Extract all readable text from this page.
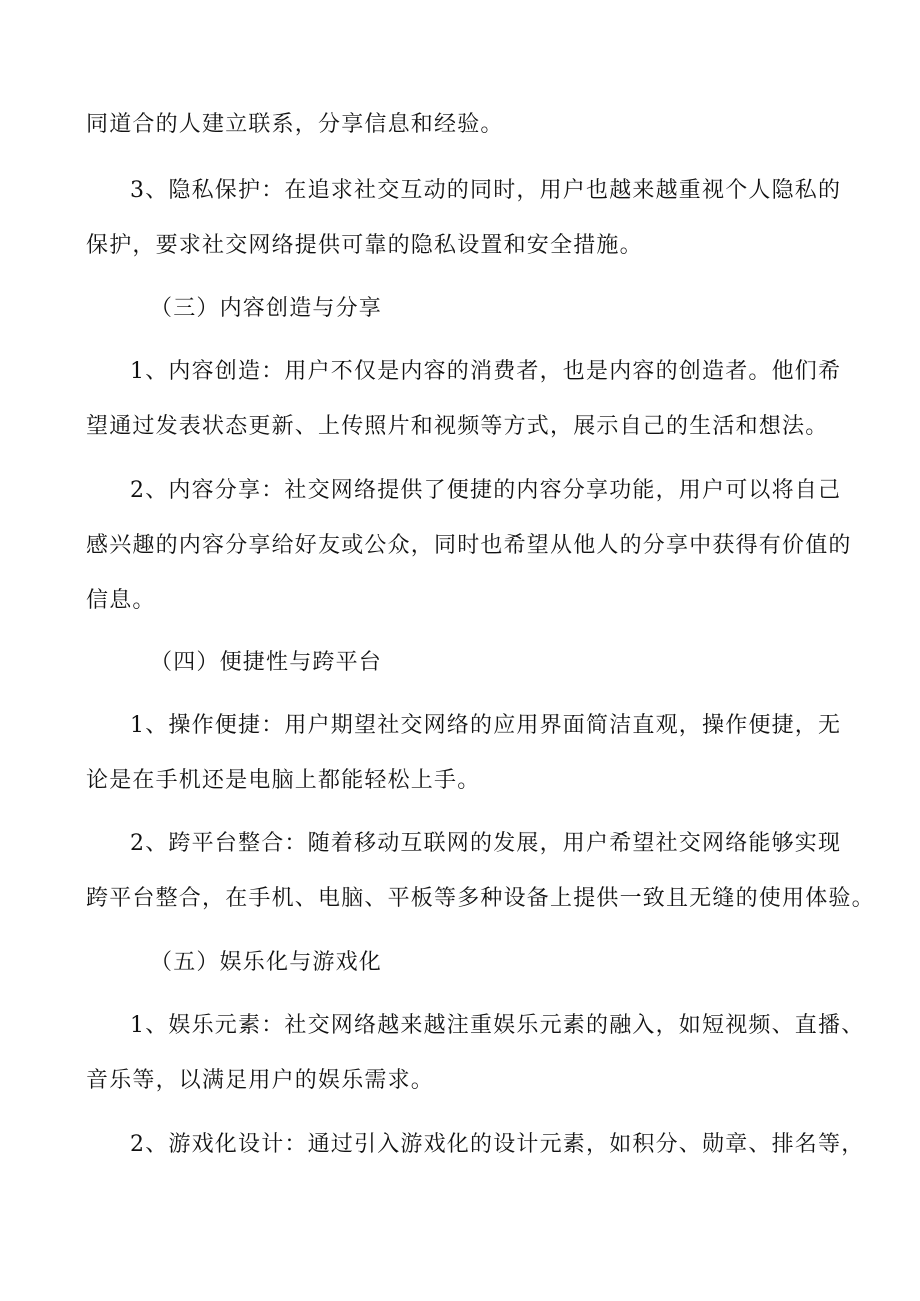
同道合的人建立联系，分享信息和经验。
3、隐私保护：在追求社交互动的同时，用户也越来越重视个人隐私的
保护，要求社交网络提供可靠的隐私设置和安全措施。
（三）内容创造与分享
1、内容创造：用户不仅是内容的消费者，也是内容的创造者。他们希
望通过发表状态更新、上传照片和视频等方式，展示自己的生活和想法。
2、内容分享：社交网络提供了便捷的内容分享功能，用户可以将自己
感兴趣的内容分享给好友或公众，同时也希望从他人的分享中获得有价值的
信息。
（四）便捷性与跨平台
1、操作便捷：用户期望社交网络的应用界面简洁直观，操作便捷，无
论是在手机还是电脑上都能轻松上手。
2、跨平台整合：随着移动互联网的发展，用户希望社交网络能够实现
跨平台整合，在手机、电脑、平板等多种设备上提供一致且无缝的使用体验。
（五）娱乐化与游戏化
1、娱乐元素：社交网络越来越注重娱乐元素的融入，如短视频、直播、
音乐等，以满足用户的娱乐需求。
2、游戏化设计：通过引入游戏化的设计元素，如积分、勋章、排名等，
